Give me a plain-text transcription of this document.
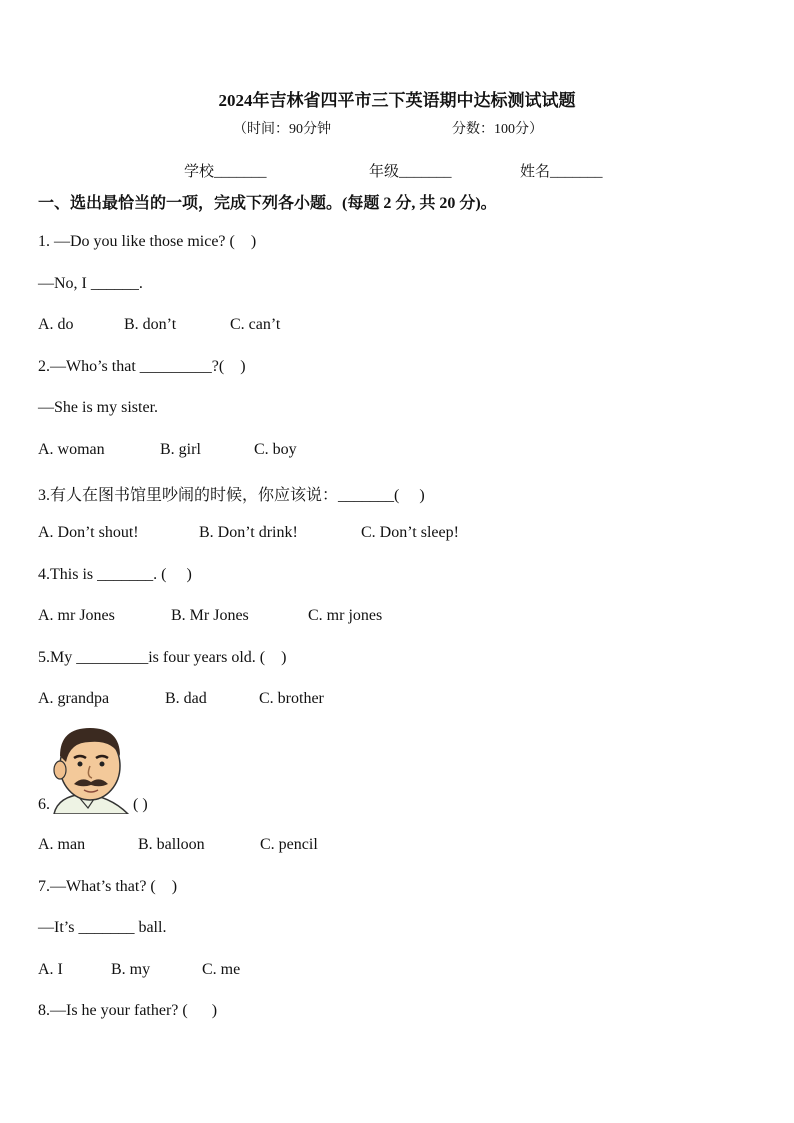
2024年吉林省四平市三下英语期中达标测试试题
（时间：90分钟	分数：100分）
学校_______	年级_______	姓名_______
一、选出最恰当的一项，完成下列各小题。(每题 2 分, 共 20 分)。
1. —Do you like those mice? (    )
—No, I ______.
A. do	B. don’t	C. can’t
2.—Who’s that _________?(    )
—She is my sister.
A. woman	B. girl	C. boy
3.有人在图书馆里吵闹的时候，你应该说：_______(     )
A. Don’t shout!	B. Don’t drink!	C. Don’t sleep!
4.This is _______. (     )
A. mr Jones	B. Mr Jones	C. mr jones
5.My _________is four years old. (    )
A. grandpa	B. dad	C. brother
6.	( )
A. man	B. balloon	C. pencil
7.—What’s that? (    )
—It’s _______ ball.
A. I	B. my	C. me
8.—Is he your father? (      )
